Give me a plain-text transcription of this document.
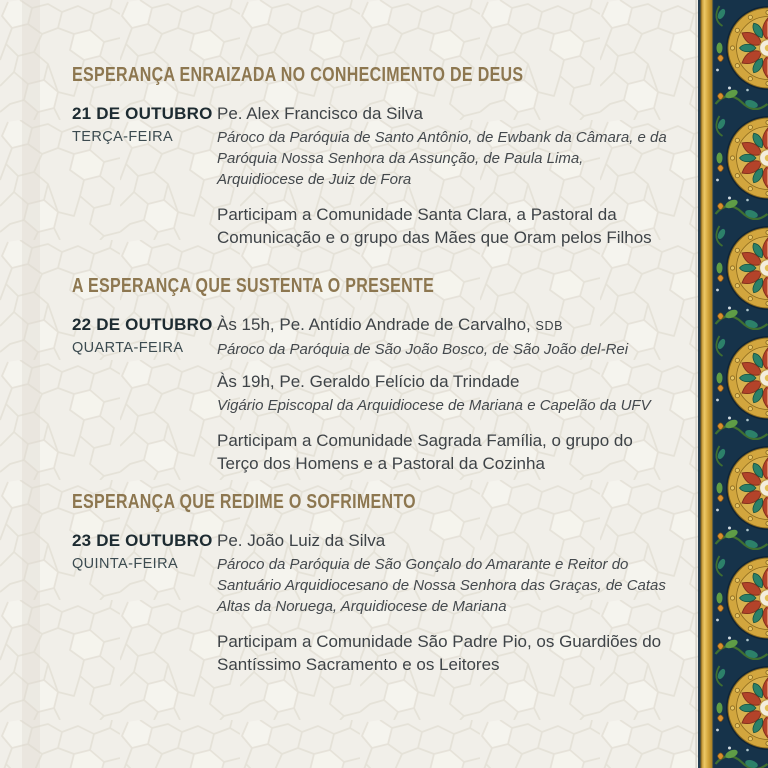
ESPERANÇA ENRAIZADA NO CONHECIMENTO DE DEUS
21 DE OUTUBRO
TERÇA-FEIRA
Pe. Alex Francisco da Silva
Pároco da Paróquia de Santo Antônio, de Ewbank da Câmara, e da Paróquia Nossa Senhora da Assunção, de Paula Lima, Arquidiocese de Juiz de Fora

Participam a Comunidade Santa Clara, a Pastoral da Comunicação e o grupo das Mães que Oram pelos Filhos

A ESPERANÇA QUE SUSTENTA O PRESENTE
22 DE OUTUBRO
QUARTA-FEIRA
Às 15h, Pe. Antídio Andrade de Carvalho, SDB
Pároco da Paróquia de São João Bosco, de São João del-Rei
Às 19h, Pe. Geraldo Felício da Trindade
Vigário Episcopal da Arquidiocese de Mariana e Capelão da UFV

Participam a Comunidade Sagrada Família, o grupo do Terço dos Homens e a Pastoral da Cozinha

ESPERANÇA QUE REDIME O SOFRIMENTO
23 DE OUTUBRO
QUINTA-FEIRA
Pe. João Luiz da Silva
Pároco da Paróquia de São Gonçalo do Amarante e Reitor do Santuário Arquidiocesano de Nossa Senhora das Graças, de Catas Altas da Noruega, Arquidiocese de Mariana

Participam a Comunidade São Padre Pio, os Guardiões do Santíssimo Sacramento e os Leitores
